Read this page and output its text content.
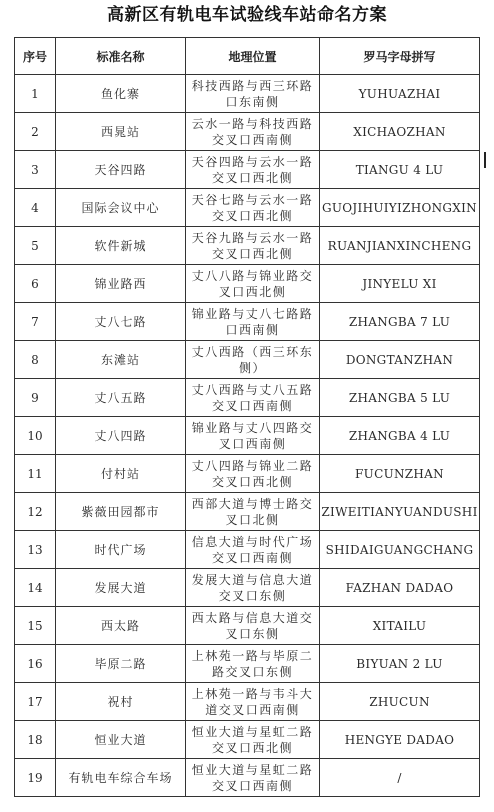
高新区有轨电车试验线车站命名方案
序号	标准名称	地理位置	罗马字母拼写
1	鱼化寨	科技西路与西三环路口东南侧	YUHUAZHAI
2	西晁站	云水一路与科技西路交叉口西南侧	XICHAOZHAN
3	天谷四路	天谷四路与云水一路交叉口西北侧	TIANGU 4 LU
4	国际会议中心	天谷七路与云水一路交叉口西北侧	GUOJIHUIYIZHONGXIN
5	软件新城	天谷九路与云水一路交叉口西北侧	RUANJIANXINCHENG
6	锦业路西	丈八八路与锦业路交叉口西北侧	JINYELU XI
7	丈八七路	锦业路与丈八七路路口西南侧	ZHANGBA 7 LU
8	东滩站	丈八西路（西三环东侧）	DONGTANZHAN
9	丈八五路	丈八西路与丈八五路交叉口西南侧	ZHANGBA 5 LU
10	丈八四路	锦业路与丈八四路交叉口西南侧	ZHANGBA 4 LU
11	付村站	丈八四路与锦业二路交叉口西北侧	FUCUNZHAN
12	紫薇田园都市	西部大道与博士路交叉口北侧	ZIWEITIANYUANDUSHI
13	时代广场	信息大道与时代广场交叉口西南侧	SHIDAIGUANGCHANG
14	发展大道	发展大道与信息大道交叉口东侧	FAZHAN DADAO
15	西太路	西太路与信息大道交叉口东侧	XITAILU
16	毕原二路	上林苑一路与毕原二路交叉口东侧	BIYUAN 2 LU
17	祝村	上林苑一路与韦斗大道交叉口西南侧	ZHUCUN
18	恒业大道	恒业大道与星虹二路交叉口西北侧	HENGYE DADAO
19	有轨电车综合车场	恒业大道与星虹二路交叉口西南侧	/
